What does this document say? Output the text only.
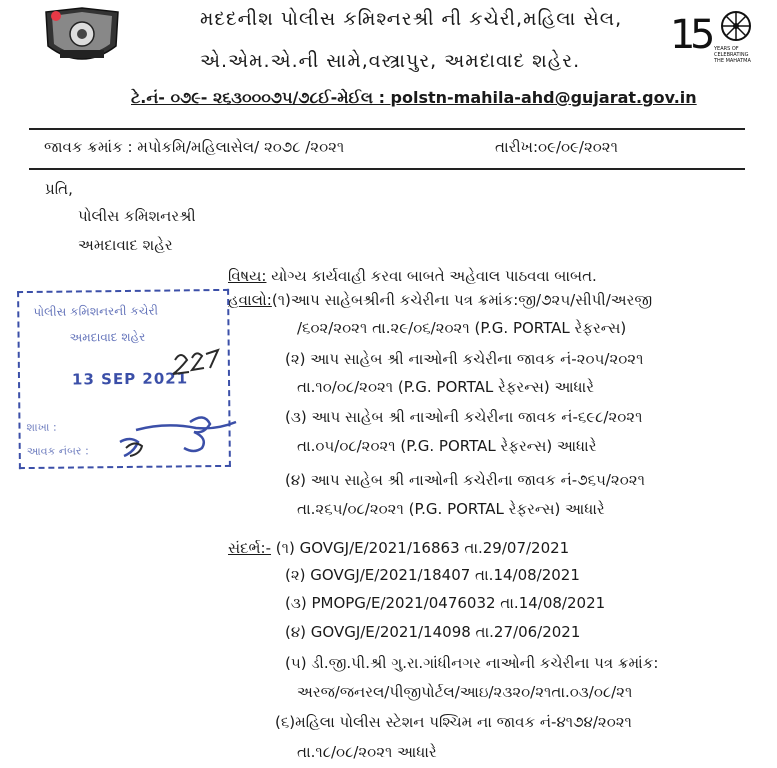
1
5
YEARS OF
CELEBRATING
THE MAHATMA
મદદનીશ પોલીસ કમિશ્નરશ્રી ની કચેરી,મહિલા સેલ,
એ.એમ.એ.ની સામે,વસ્ત્રાપુર, અમદાવાદ શહેર.
ટે.નં- ૦૭૯- ૨૬૩૦૦૦૭૫/૭૮ઈ-મેઈલ : polstn-mahila-ahd@gujarat.gov.in
જાવક ક્રમાંક : મપોકમિ/મહિલાસેલ/ ૨૦૭૮ /૨૦૨૧	તારીખ:૦૯/૦૯/૨૦૨૧
પ્રતિ,
પોલીસ કમિશનરશ્રી
અમદાવાદ શહેર
વિષય: યોગ્ય કાર્યવાહી કરવા બાબતે અહેવાલ પાઠવવા બાબત.
હવાલો:(૧)આપ સાહેબશ્રીની કચેરીના પત્ર ક્રમાંક:જી/૭૨૫/સીપી/અરજી
/૬૦૨/૨૦૨૧ તા.૨૯/૦૬/૨૦૨૧ (P.G. PORTAL રેફરન્સ)
(૨) આપ સાહેબ શ્રી નાઓની કચેરીના જાવક નં-૨૦૫/૨૦૨૧
તા.૧૦/૦૮/૨૦૨૧ (P.G. PORTAL રેફરન્સ) આધારે
(૩) આપ સાહેબ શ્રી નાઓની કચેરીના જાવક નં-૬૯૮/૨૦૨૧
તા.૦૫/૦૮/૨૦૨૧ (P.G. PORTAL રેફરન્સ) આધારે
(૪) આપ સાહેબ શ્રી નાઓની કચેરીના જાવક નં-૭૬૫/૨૦૨૧
તા.૨૬૫/૦૮/૨૦૨૧ (P.G. PORTAL રેફરન્સ) આધારે
સંદર્ભ:- (૧) GOVGJ/E/2021/16863 તા.29/07/2021
(૨) GOVGJ/E/2021/18407 તા.14/08/2021
(૩) PMOPG/E/2021/0476032 તા.14/08/2021
(૪) GOVGJ/E/2021/14098 તા.27/06/2021
(૫) ડી.જી.પી.શ્રી ગુ.રા.ગાંધીનગર નાઓની કચેરીના પત્ર ક્રમાંક:
અરજ/જનરલ/પીજીપોર્ટલ/આઇ/૨૩૨૦/૨૧તા.૦૩/૦૮/૨૧
(૬)મહિલા પોલીસ સ્ટેશન પશ્ચિમ ના જાવક નં-૪૧૭૪/૨૦૨૧
તા.૧૮/૦૮/૨૦૨૧ આધારે
પોલીસ કમિશનરની કચેરી
અમદાવાદ શહેર
13 SEP 2021
શાખા :
આવક નંબર :
